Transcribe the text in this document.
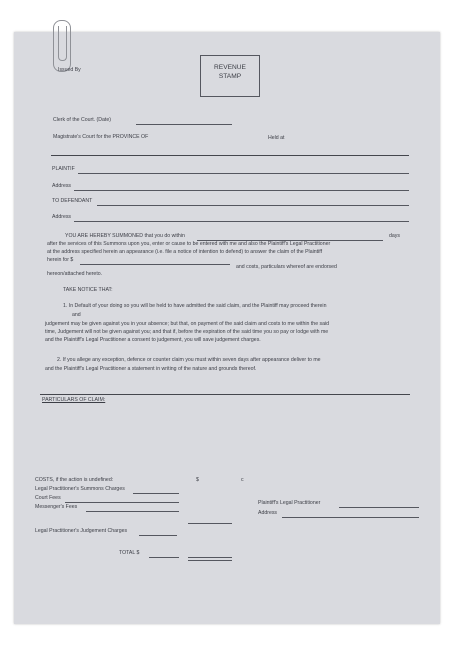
Issued By	REVENUE
STAMP
Clerk of the Court. (Date)
Magistrate's Court for the PROVINCE OF	Held at
PLAINTIF
Address
TO DEFENDANT
Address
YOU ARE HEREBY SUMMONED that you do within	days
after the services of this Summons upon you, enter or cause to be entered with me and also the Plaintiff's Legal Practitioner
at the address specified herein an appearance (i.e. file a notice of intention to defend) to answer the claim of the Plaintiff
herein for $
and costs, particulars whereof are endorsed
hereon/attached hereto.
TAKE NOTICE THAT:
1. In Default of your doing so you will be held to have admitted the said claim, and the Plaintiff may proceed therein
and
judgement may be given against you in your absence; but that, on payment of the said claim and costs to me within the said
time, Judgement will not be given against you; and that if, before the expiration of the said time you so pay or lodge with me
and the Plaintiff's Legal Practitioner a consent to judgement, you will save judgement charges.
2. If you allege any exception, defence or counter claim you must within seven days after appearance deliver to me
and the Plaintiff's Legal Practitioner a statement in writing of the nature and grounds thereof.
PARTICULARS OF CLAIM:
COSTS, if the action is undefined:	$	c
Legal Practitioner's Summons Charges
Court Fees
Messenger's Fees
Plaintiff's Legal Practitioner
Address
Legal Practitioner's Judgement Charges
TOTAL $
